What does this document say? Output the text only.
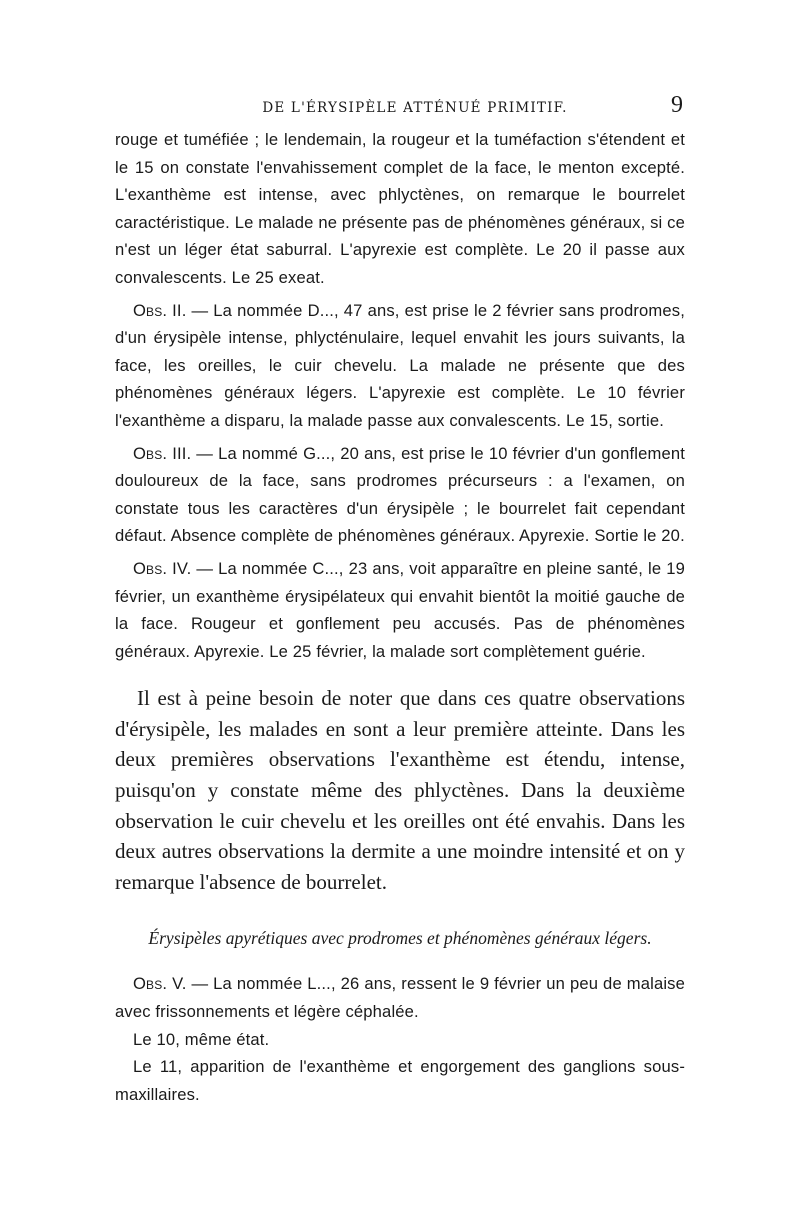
DE L'ÉRYSIPÈLE ATTÉNUÉ PRIMITIF.	9

rouge et tuméfiée ; le lendemain, la rougeur et la tuméfaction s'étendent et le 15 on constate l'envahissement complet de la face, le menton excepté. L'exanthème est intense, avec phlyctènes, on remarque le bourrelet caractéristique. Le malade ne présente pas de phénomènes généraux, si ce n'est un léger état saburral. L'apyrexie est complète. Le 20 il passe aux convalescents. Le 25 exeat.

Obs. II. — La nommée D..., 47 ans, est prise le 2 février sans prodromes, d'un érysipèle intense, phlycténulaire, lequel envahit les jours suivants, la face, les oreilles, le cuir chevelu. La malade ne présente que des phénomènes généraux légers. L'apyrexie est complète. Le 10 février l'exanthème a disparu, la malade passe aux convalescents. Le 15, sortie.

Obs. III. — La nommé G..., 20 ans, est prise le 10 février d'un gonflement douloureux de la face, sans prodromes précurseurs : a l'examen, on constate tous les caractères d'un érysipèle ; le bourrelet fait cependant défaut. Absence complète de phénomènes généraux. Apyrexie. Sortie le 20.

Obs. IV. — La nommée C..., 23 ans, voit apparaître en pleine santé, le 19 février, un exanthème érysipélateux qui envahit bientôt la moitié gauche de la face. Rougeur et gonflement peu accusés. Pas de phénomènes généraux. Apyrexie. Le 25 février, la malade sort complètement guérie.

Il est à peine besoin de noter que dans ces quatre observations d'érysipèle, les malades en sont a leur première atteinte. Dans les deux premières observations l'exanthème est étendu, intense, puisqu'on y constate même des phlyctènes. Dans la deuxième observation le cuir chevelu et les oreilles ont été envahis. Dans les deux autres observations la dermite a une moindre intensité et on y remarque l'absence de bourrelet.

Érysipèles apyrétiques avec prodromes et phénomènes généraux légers.

Obs. V. — La nommée L..., 26 ans, ressent le 9 février un peu de malaise avec frissonnements et légère céphalée.

Le 10, même état.

Le 11, apparition de l'exanthème et engorgement des ganglions sous-maxillaires.
